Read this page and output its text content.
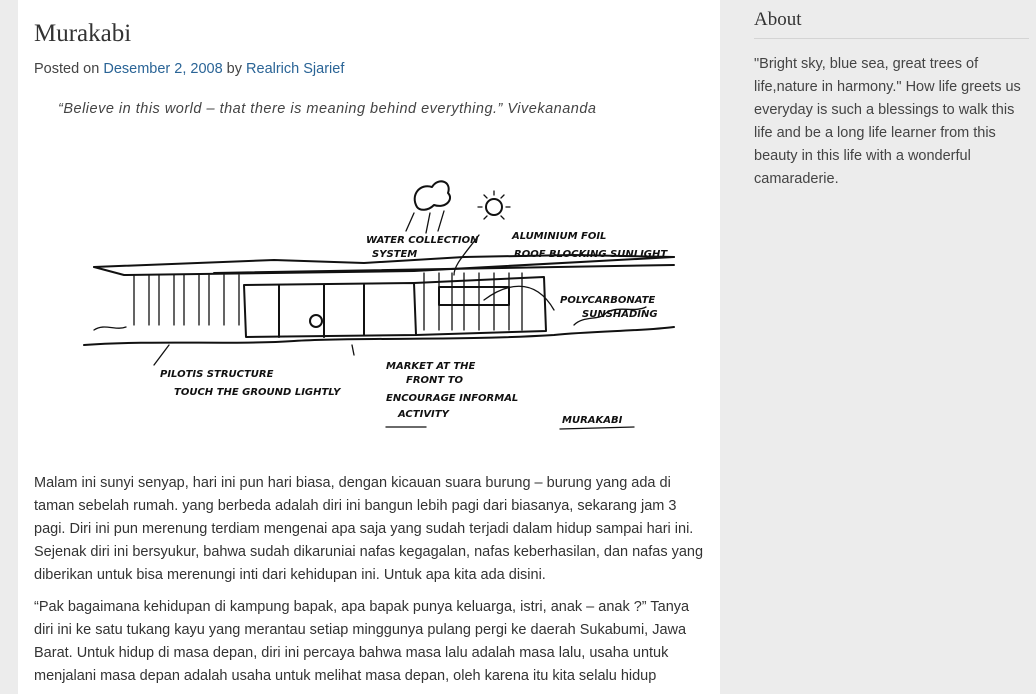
Murakabi
Posted on Desember 2, 2008 by Realrich Sjarief
“Believe in this world – that there is meaning behind everything.” Vivekananda
WATER COLLECTION
SYSTEM
ALUMINIUM FOIL
ROOF BLOCKING SUNLIGHT
POLYCARBONATE
SUNSHADING
PILOTIS STRUCTURE
TOUCH THE GROUND LIGHTLY
MARKET AT THE
FRONT TO
ENCOURAGE INFORMAL
ACTIVITY
MURAKABI

Malam ini sunyi senyap, hari ini pun hari biasa, dengan kicauan suara burung – burung yang ada di taman sebelah rumah. yang berbeda adalah diri ini bangun lebih pagi dari biasanya, sekarang jam 3 pagi. Diri ini pun merenung terdiam mengenai apa saja yang sudah terjadi dalam hidup sampai hari ini. Sejenak diri ini bersyukur, bahwa sudah dikaruniai nafas kegagalan, nafas keberhasilan, dan nafas yang diberikan untuk bisa merenungi inti dari kehidupan ini. Untuk apa kita ada disini.

“Pak bagaimana kehidupan di kampung bapak, apa bapak punya keluarga, istri, anak – anak ?” Tanya diri ini ke satu tukang kayu yang merantau setiap minggunya pulang pergi ke daerah Sukabumi, Jawa Barat. Untuk hidup di masa depan, diri ini percaya bahwa masa lalu adalah masa lalu, usaha untuk menjalani masa depan adalah usaha untuk melihat masa depan, oleh karena itu kita selalu hidup

About
"Bright sky, blue sea, great trees of life,nature in harmony." How life greets us everyday is such a blessings to walk this life and be a long life learner from this beauty in this life with a wonderful camaraderie.
